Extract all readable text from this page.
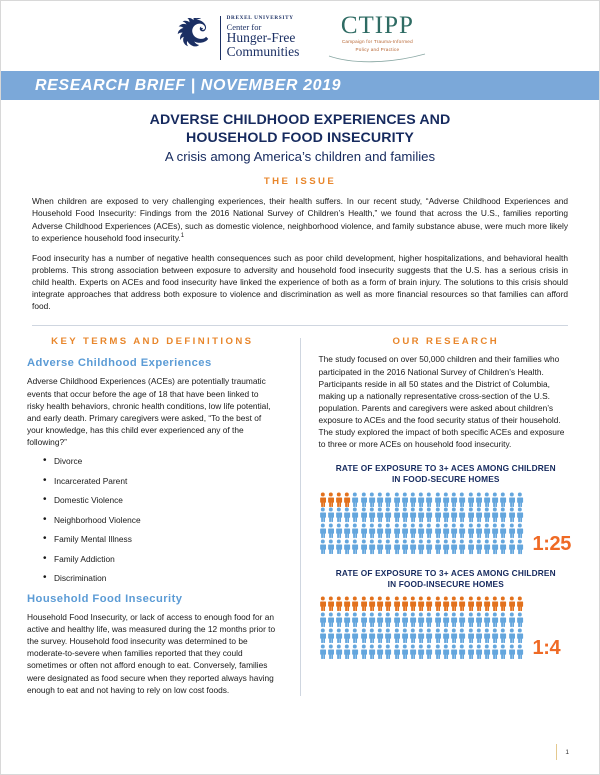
DREXEL UNIVERSITY
Center for
Hunger-Free
Communities
CTIPP
Campaign for Trauma-Informed
Policy and Practice
RESEARCH BRIEF | NOVEMBER 2019
ADVERSE CHILDHOOD EXPERIENCES AND
HOUSEHOLD FOOD INSECURITY
A crisis among America’s children and families
THE ISSUE

When children are exposed to very challenging experiences, their health suffers. In our recent study, “Adverse Childhood Experiences and Household Food Insecurity: Findings from the 2016 National Survey of Children’s Health,” we found that across the U.S., families reporting Adverse Childhood Experiences (ACEs), such as domestic violence, neighborhood violence, and family substance abuse, were much more likely to experience household food insecurity.$^1$

Food insecurity has a number of negative health consequences such as poor child development, higher hospitalizations, and behavioral health problems. This strong association between exposure to adversity and household food insecurity suggests that the U.S. has a serious crisis in child health. Experts on ACEs and food insecurity have linked the experience of both as a form of brain injury. The solutions to this crisis should integrate approaches that address both exposure to violence and discrimination as well as more financial resources so that families can afford food.

KEY TERMS AND DEFINITIONS
Adverse Childhood Experiences

Adverse Childhood Experiences (ACEs) are potentially traumatic events that occur before the age of 18 that have been linked to risky health behaviors, chronic health conditions, low life potential, and early death. Primary caregivers were asked, “To the best of your knowledge, has this child ever experienced any of the following?”

• Divorce
• Incarcerated Parent
• Domestic Violence
• Neighborhood Violence
• Family Mental Illness
• Family Addiction
• Discrimination
Household Food Insecurity

Household Food Insecurity, or lack of access to enough food for an active and healthy life, was measured during the 12 months prior to the survey. Household food insecurity was determined to be moderate-to-severe when families reported that they could sometimes or often not afford enough to eat. Conversely, families were designated as food secure when they reported always having enough to eat and not having to rely on low cost foods.

OUR RESEARCH

The study focused on over 50,000 children and their families who participated in the 2016 National Survey of Children’s Health. Participants reside in all 50 states and the District of Columbia, making up a nationally representative cross-section of the U.S. population. Parents and caregivers were asked about children’s exposure to ACEs and the food security status of their household. The study explored the impact of both specific ACEs and exposure to three or more ACEs on household food insecurity.

RATE OF EXPOSURE TO 3+ ACES AMONG CHILDREN
IN FOOD-SECURE HOMES
1:25
RATE OF EXPOSURE TO 3+ ACES AMONG CHILDREN
IN FOOD-INSECURE HOMES
1:4
1
